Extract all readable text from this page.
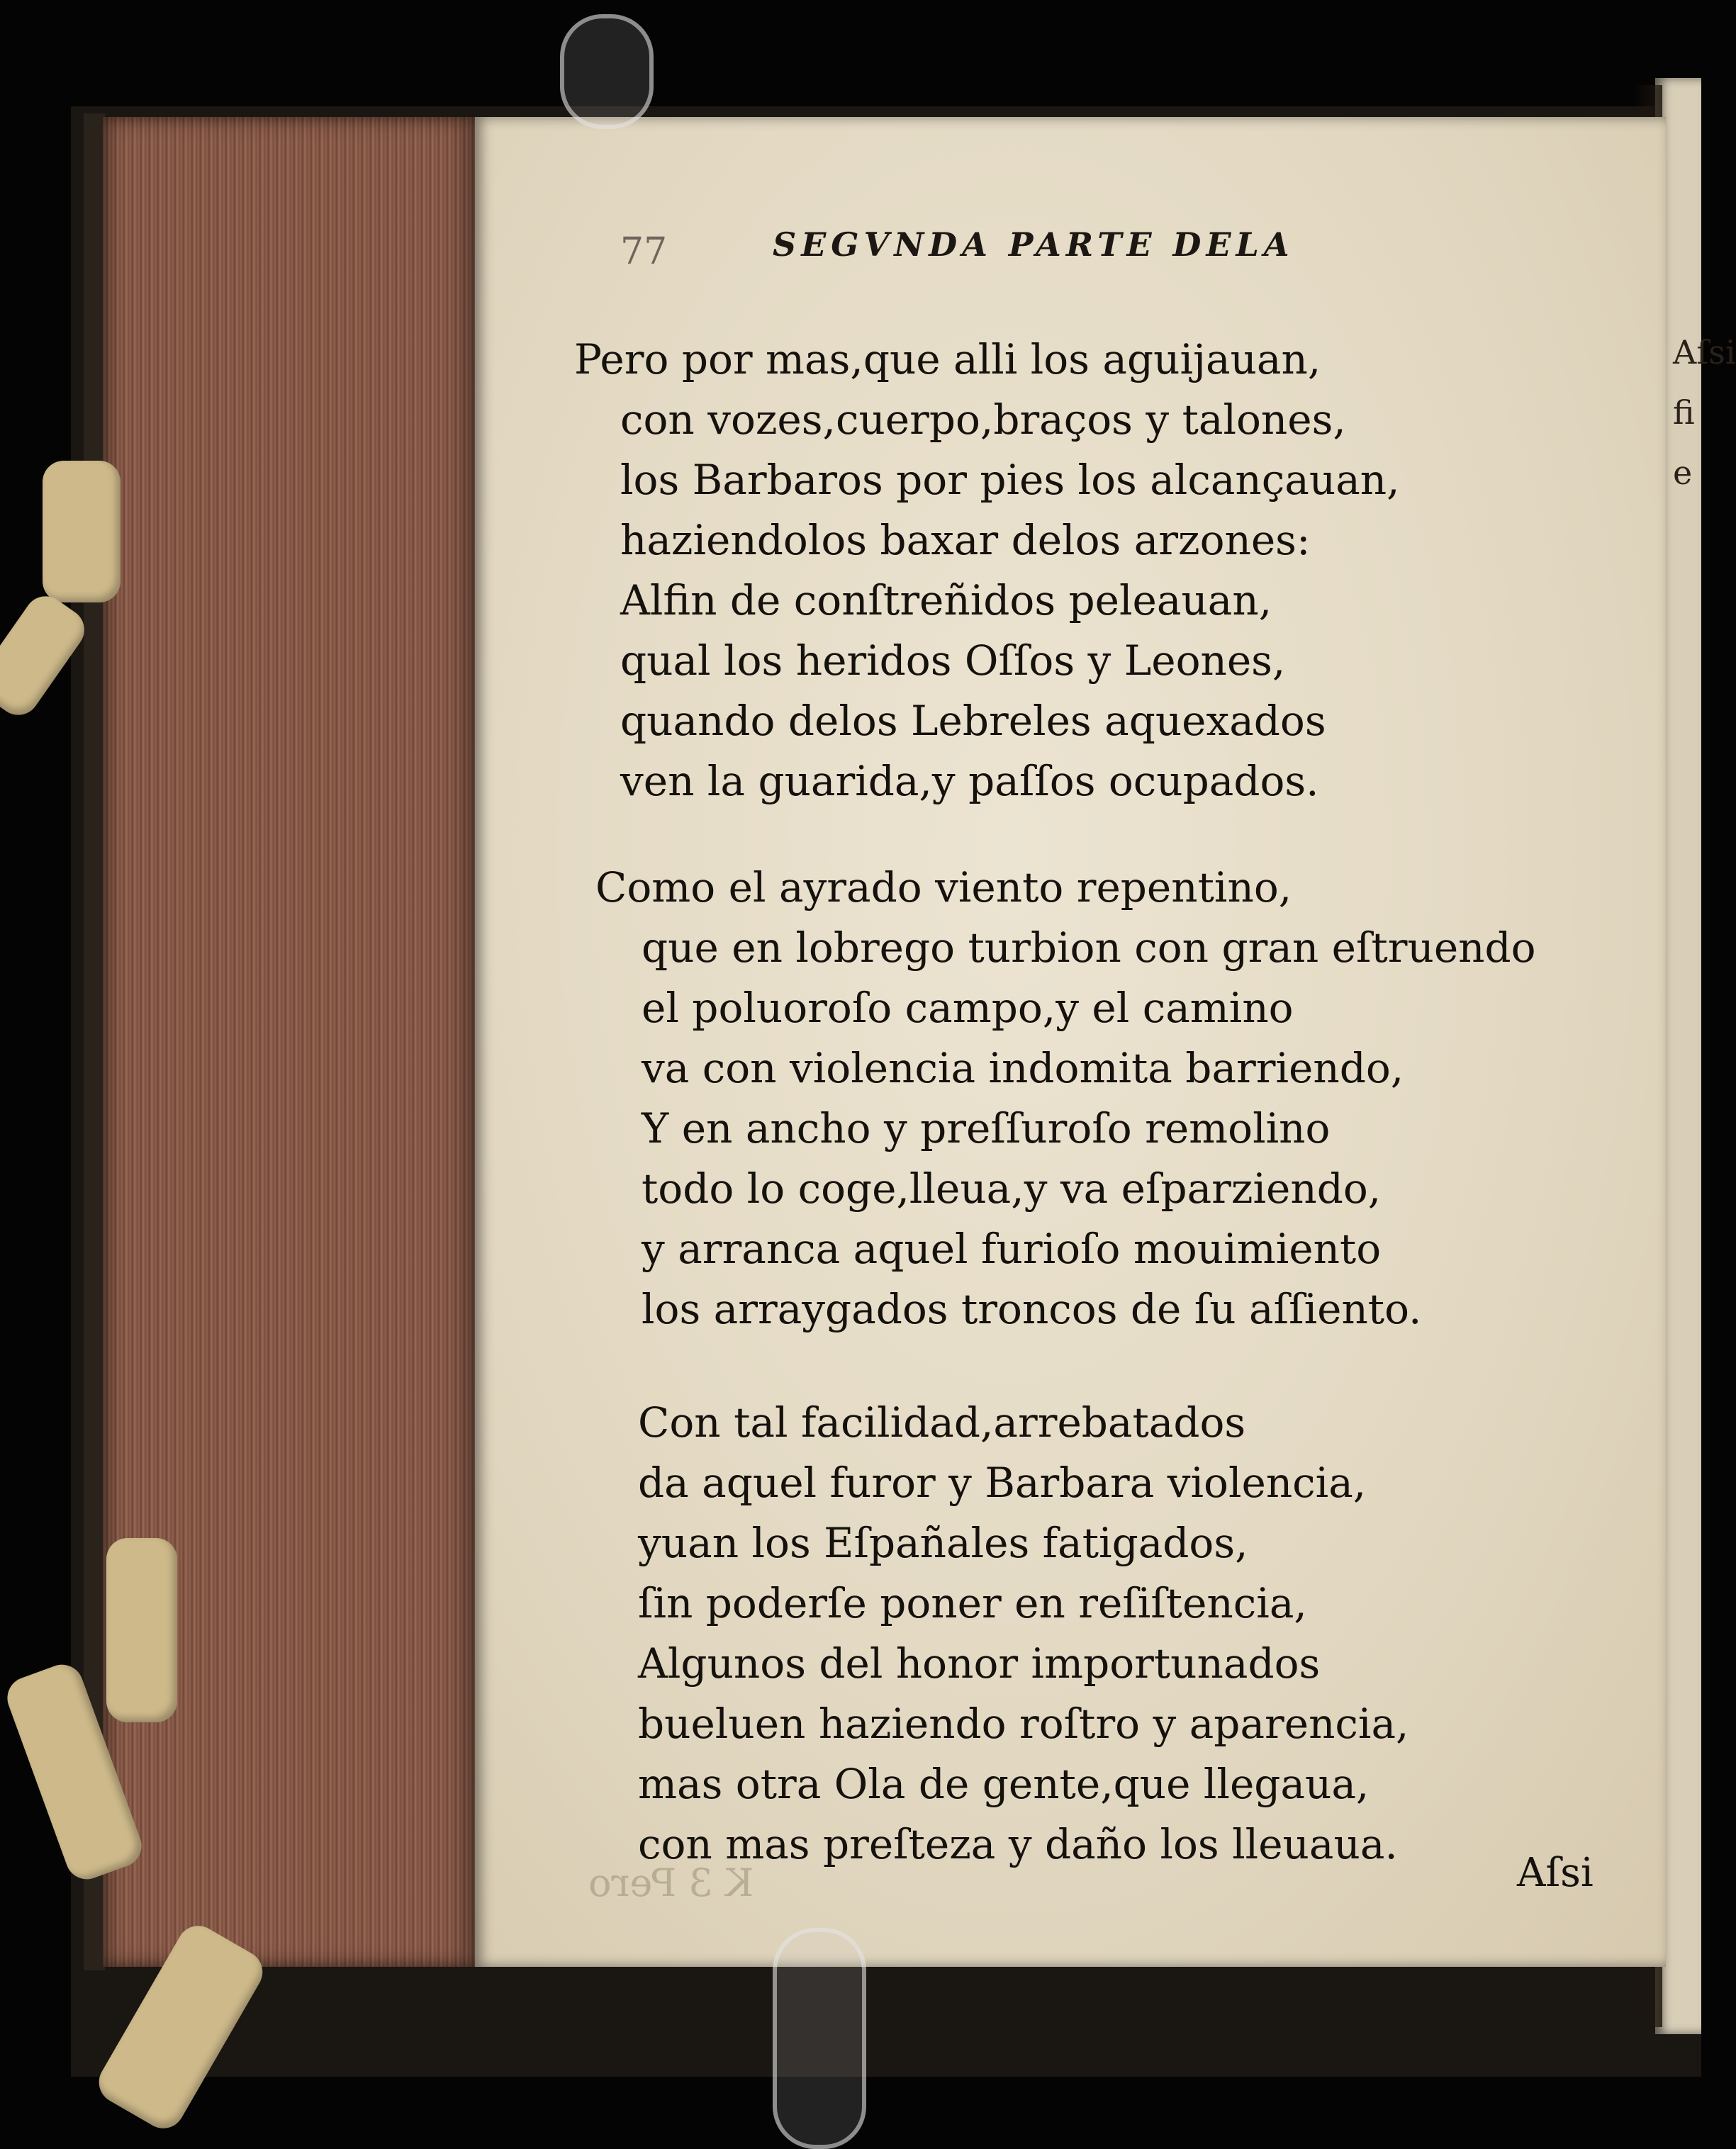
77	SEGVNDA PARTE DELA
Pero por mas,que alli los aguijauan,
con vozes,cuerpo,braços y talones,
los Barbaros por pies los alcançauan,
haziendolos baxar delos arzones:
Alfin de conſtreñidos peleauan,
qual los heridos Oſſos y Leones,
quando delos Lebreles aquexados
ven la guarida,y paſſos ocupados.
Como el ayrado viento repentino,
que en lobrego turbion con gran eſtruendo
el poluoroſo campo,y el camino
va con violencia indomita barriendo,
Y en ancho y preſſuroſo remolino
todo lo coge,lleua,y va eſparziendo,
y arranca aquel furioſo mouimiento
los arraygados troncos de ſu aſſiento.
Con tal facilidad,arrebatados
da aquel furor y Barbara violencia,
yuan los Eſpañales fatigados,
ſin poderſe poner en reſiſtencia,
Algunos del honor importunados
bueluen haziendo roſtro y aparencia,
mas otra Ola de gente,que llegaua,
con mas preſteza y daño los lleuaua.
K 3 Pero	Aſsi
Aſsi
fi
e
